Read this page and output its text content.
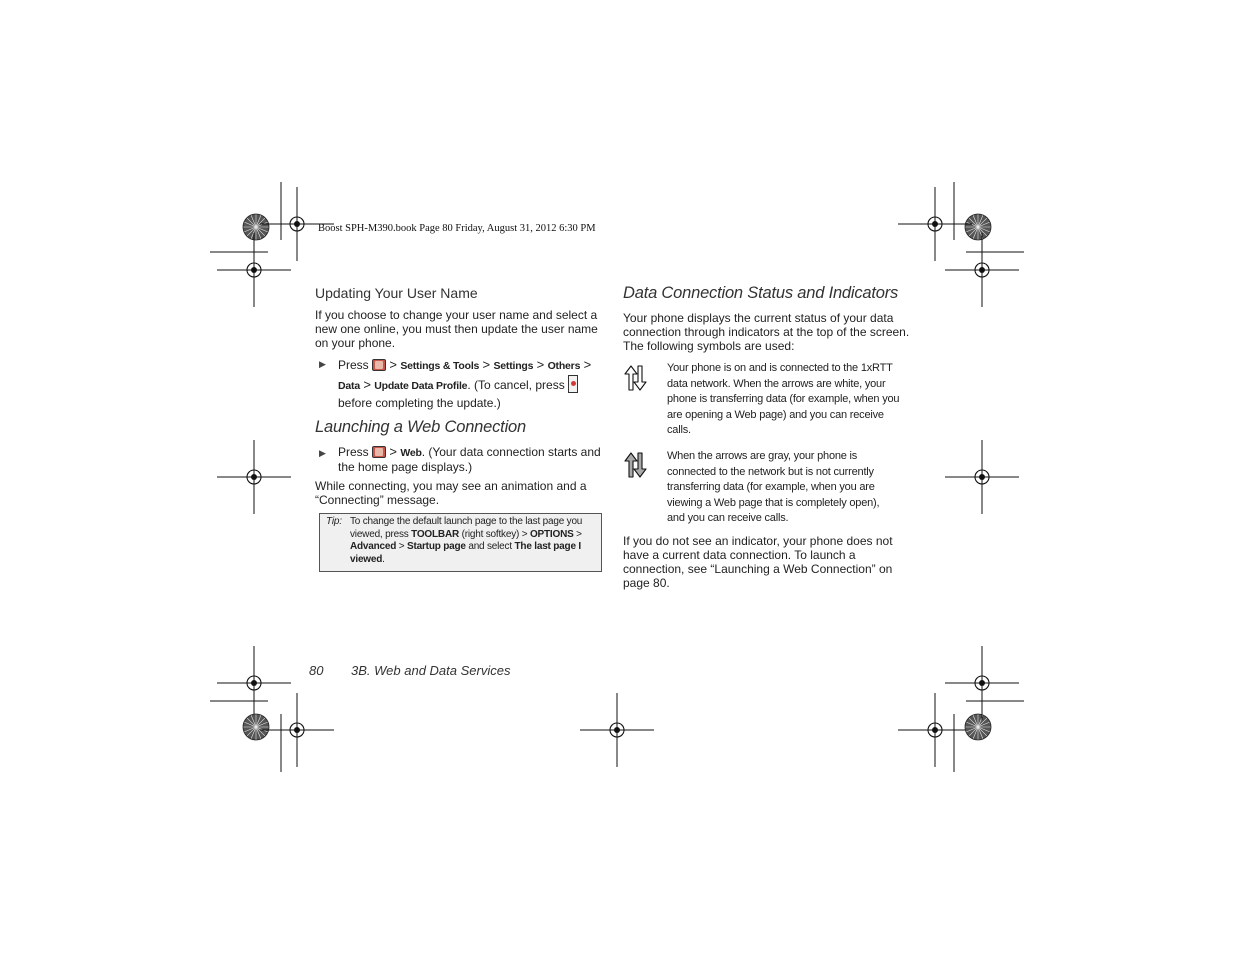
Boost SPH-M390.book Page 80 Friday, August 31, 2012 6:30 PM
Updating Your User Name
If you choose to change your user name and select a
new one online, you must then update the user name
on your phone.
▶ Press > Settings & Tools > Settings > Others >
Data > Update Data Profile. (To cancel, press
before completing the update.)
Launching a Web Connection
▶ Press > Web. (Your data connection starts and
the home page displays.)
While connecting, you may see an animation and a
“Connecting” message.
Tip: To change the default launch page to the last page you
viewed, press TOOLBAR (right softkey) > OPTIONS >
Advanced > Startup page and select The last page I
viewed.
Data Connection Status and Indicators
Your phone displays the current status of your data
connection through indicators at the top of the screen.
The following symbols are used:
Your phone is on and is connected to the 1xRTT
data network. When the arrows are white, your
phone is transferring data (for example, when you
are opening a Web page) and you can receive
calls.
When the arrows are gray, your phone is
connected to the network but is not currently
transferring data (for example, when you are
viewing a Web page that is completely open),
and you can receive calls.
If you do not see an indicator, your phone does not
have a current data connection. To launch a
connection, see “Launching a Web Connection” on
page 80.
80 3B. Web and Data Services
